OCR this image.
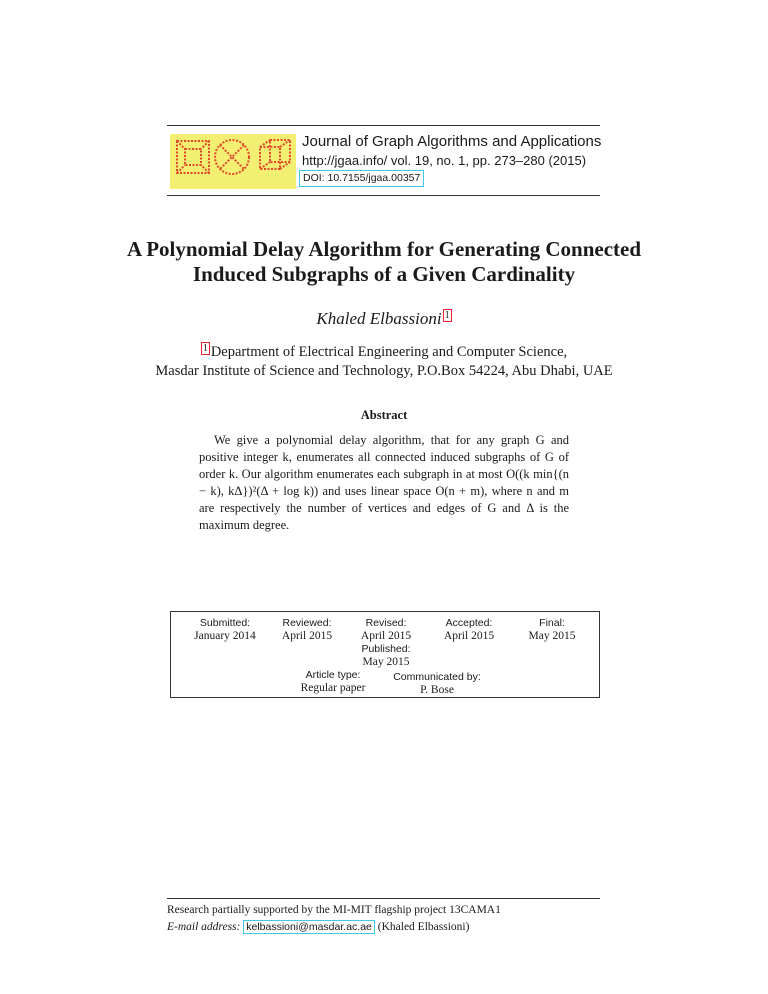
Journal of Graph Algorithms and Applications
http://jgaa.info/ vol. 19, no. 1, pp. 273–280 (2015)
DOI: 10.7155/jgaa.00357
A Polynomial Delay Algorithm for Generating Connected Induced Subgraphs of a Given Cardinality
Khaled Elbassioni 1
1 Department of Electrical Engineering and Computer Science,
Masdar Institute of Science and Technology, P.O.Box 54224, Abu Dhabi, UAE
Abstract
We give a polynomial delay algorithm, that for any graph G and positive integer k, enumerates all connected induced subgraphs of G of order k. Our algorithm enumerates each subgraph in at most O((k min{(n − k), kΔ})²(Δ + log k)) and uses linear space O(n + m), where n and m are respectively the number of vertices and edges of G and Δ is the maximum degree.
Submitted:
January 2014
Reviewed:
April 2015
Revised:
April 2015
Accepted:
April 2015
Final:
May 2015
Published:
May 2015
Article type:
Regular paper
Communicated by:
P. Bose
Research partially supported by the MI-MIT flagship project 13CAMA1
E-mail address: kelbassioni@masdar.ac.ae (Khaled Elbassioni)
